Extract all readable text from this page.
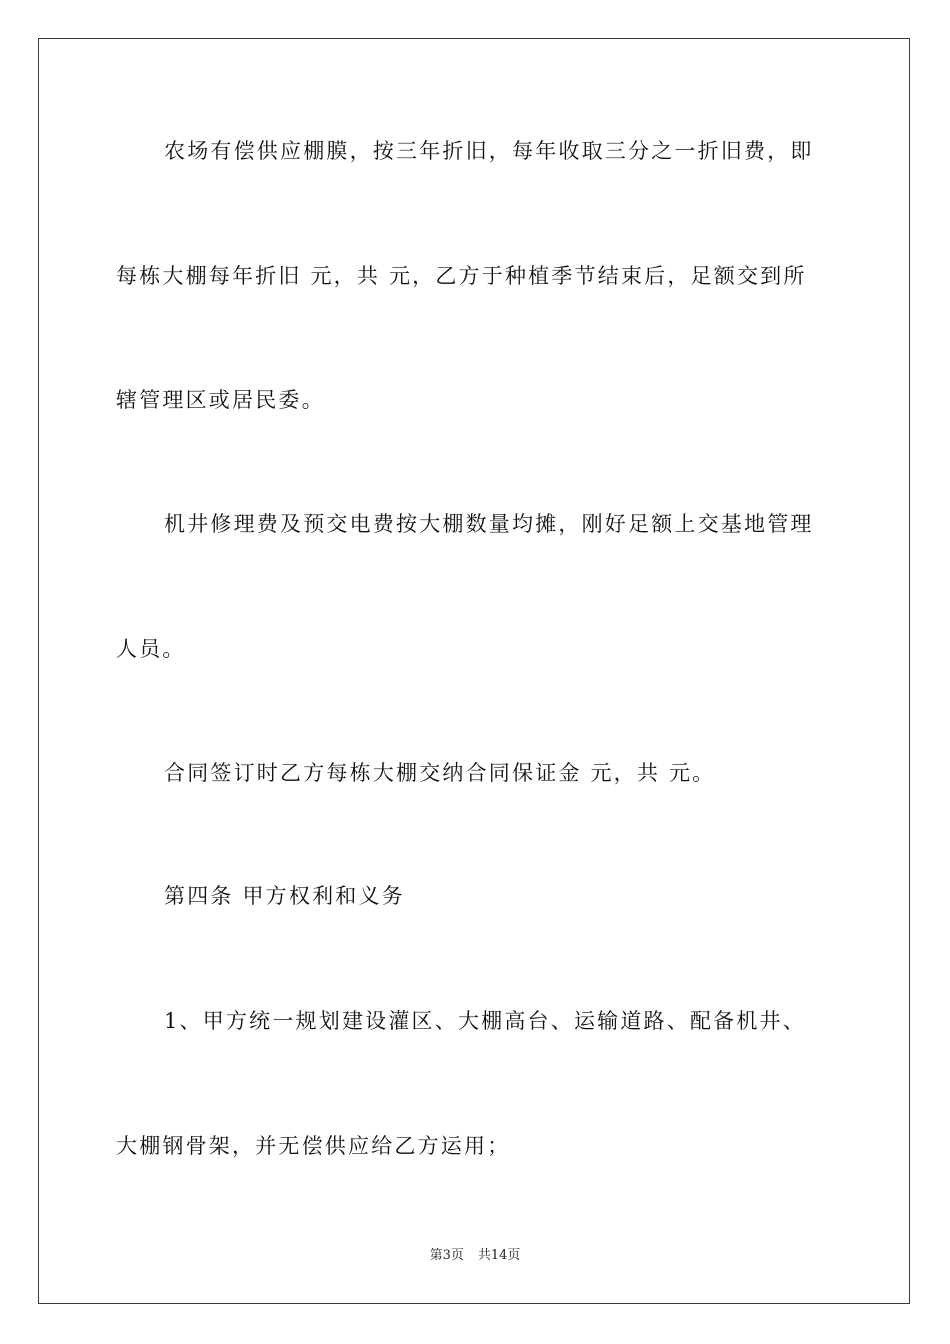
农场有偿供应棚膜，按三年折旧，每年收取三分之一折旧费，即
每栋大棚每年折旧 元，共 元，乙方于种植季节结束后，足额交到所
辖管理区或居民委。
机井修理费及预交电费按大棚数量均摊，刚好足额上交基地管理
人员。
合同签订时乙方每栋大棚交纳合同保证金 元，共 元。
第四条 甲方权利和义务
1、甲方统一规划建设灌区、大棚高台、运输道路、配备机井、
大棚钢骨架，并无偿供应给乙方运用；
第3页 共14页
